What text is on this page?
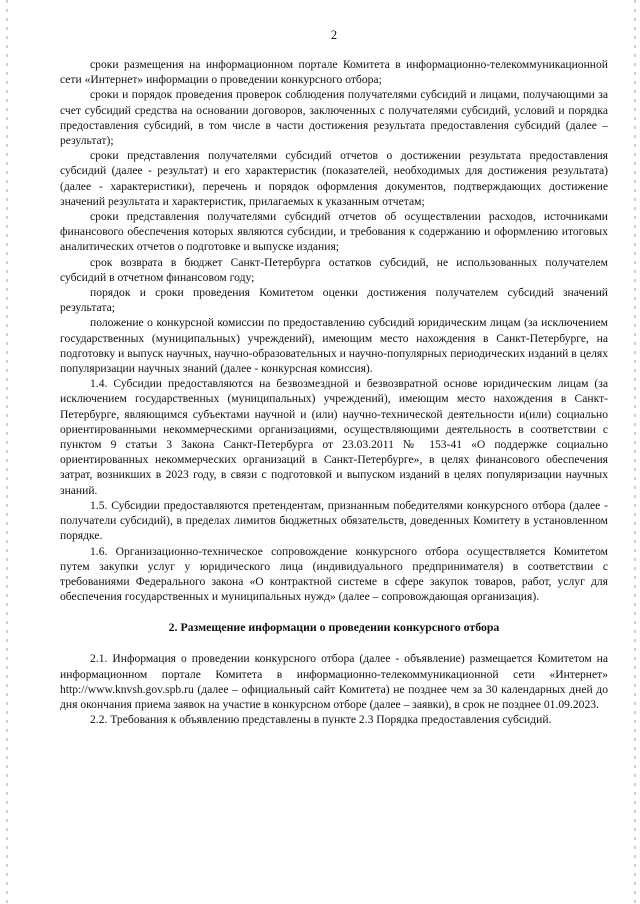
2

сроки размещения на информационном портале Комитета в информационно-телекоммуникационной сети «Интернет» информации о проведении конкурсного отбора;

сроки и порядок проведения проверок соблюдения получателями субсидий и лицами, получающими за счет субсидий средства на основании договоров, заключенных с получателями субсидий, условий и порядка предоставления субсидий, в том числе в части достижения результата предоставления субсидий (далее – результат);

сроки представления получателями субсидий отчетов о достижении результата предоставления субсидий (далее - результат) и его характеристик (показателей, необходимых для достижения результата) (далее - характеристики), перечень и порядок оформления документов, подтверждающих достижение значений результата и характеристик, прилагаемых к указанным отчетам;

сроки представления получателями субсидий отчетов об осуществлении расходов, источниками финансового обеспечения которых являются субсидии, и требования к содержанию и оформлению итоговых аналитических отчетов о подготовке и выпуске издания;

срок возврата в бюджет Санкт-Петербурга остатков субсидий, не использованных получателем субсидий в отчетном финансовом году;

порядок и сроки проведения Комитетом оценки достижения получателем субсидий значений результата;

положение о конкурсной комиссии по предоставлению субсидий юридическим лицам (за исключением государственных (муниципальных) учреждений), имеющим место нахождения в Санкт-Петербурге, на подготовку и выпуск научных, научно-образовательных и научно-популярных периодических изданий в целях популяризации научных знаний (далее - конкурсная комиссия).

1.4. Субсидии предоставляются на безвозмездной и безвозвратной основе юридическим лицам (за исключением государственных (муниципальных) учреждений), имеющим место нахождения в Санкт-Петербурге, являющимся субъектами научной и (или) научно-технической деятельности и(или) социально ориентированными некоммерческими организациями, осуществляющими деятельность в соответствии с пунктом 9 статьи 3 Закона Санкт-Петербурга от 23.03.2011 № 153-41 «О поддержке социально ориентированных некоммерческих организаций в Санкт-Петербурге», в целях финансового обеспечения затрат, возникших в 2023 году, в связи с подготовкой и выпуском изданий в целях популяризации научных знаний.

1.5. Субсидии предоставляются претендентам, признанным победителями конкурсного отбора (далее - получатели субсидий), в пределах лимитов бюджетных обязательств, доведенных Комитету в установленном порядке.

1.6. Организационно-техническое сопровождение конкурсного отбора осуществляется Комитетом путем закупки услуг у юридического лица (индивидуального предпринимателя) в соответствии с требованиями Федерального закона «О контрактной системе в сфере закупок товаров, работ, услуг для обеспечения государственных и муниципальных нужд» (далее – сопровождающая организация).

2. Размещение информации о проведении конкурсного отбора

2.1. Информация о проведении конкурсного отбора (далее - объявление) размещается Комитетом на информационном портале Комитета в информационно-телекоммуникационной сети «Интернет» http://www.knvsh.gov.spb.ru (далее – официальный сайт Комитета) не позднее чем за 30 календарных дней до дня окончания приема заявок на участие в конкурсном отборе (далее – заявки), в срок не позднее 01.09.2023.

2.2. Требования к объявлению представлены в пункте 2.3 Порядка предоставления субсидий.
